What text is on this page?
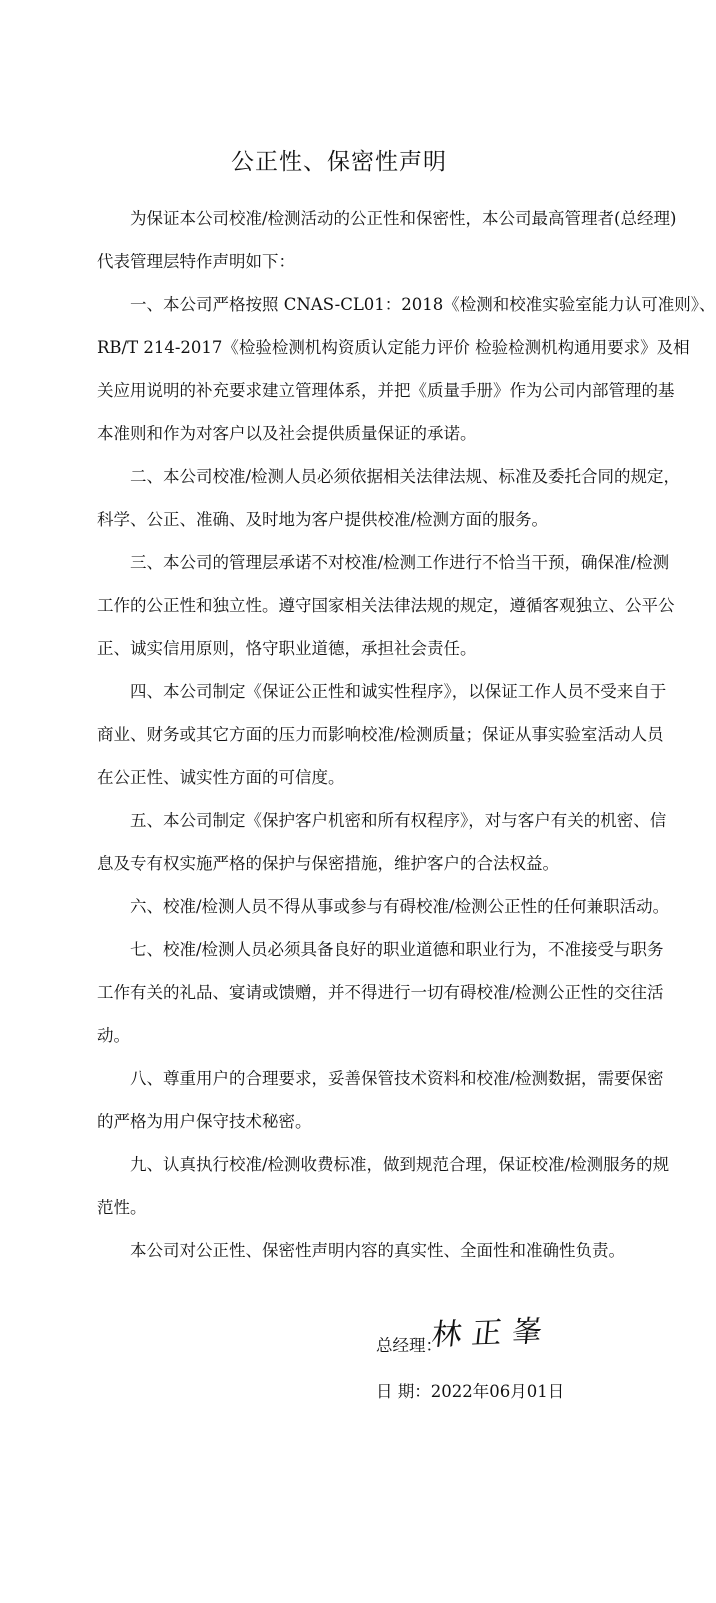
公正性、保密性声明
为保证本公司校准/检测活动的公正性和保密性，本公司最高管理者(总经理)
代表管理层特作声明如下：
一、本公司严格按照 CNAS-CL01：2018《检测和校准实验室能力认可准则》、
RB/T 214-2017《检验检测机构资质认定能力评价 检验检测机构通用要求》及相
关应用说明的补充要求建立管理体系，并把《质量手册》作为公司内部管理的基
本准则和作为对客户以及社会提供质量保证的承诺。
二、本公司校准/检测人员必须依据相关法律法规、标准及委托合同的规定，
科学、公正、准确、及时地为客户提供校准/检测方面的服务。
三、本公司的管理层承诺不对校准/检测工作进行不恰当干预，确保准/检测
工作的公正性和独立性。遵守国家相关法律法规的规定，遵循客观独立、公平公
正、诚实信用原则，恪守职业道德，承担社会责任。
四、本公司制定《保证公正性和诚实性程序》，以保证工作人员不受来自于
商业、财务或其它方面的压力而影响校准/检测质量；保证从事实验室活动人员
在公正性、诚实性方面的可信度。
五、本公司制定《保护客户机密和所有权程序》，对与客户有关的机密、信
息及专有权实施严格的保护与保密措施，维护客户的合法权益。
六、校准/检测人员不得从事或参与有碍校准/检测公正性的任何兼职活动。
七、校准/检测人员必须具备良好的职业道德和职业行为，不准接受与职务
工作有关的礼品、宴请或馈赠，并不得进行一切有碍校准/检测公正性的交往活
动。
八、尊重用户的合理要求，妥善保管技术资料和校准/检测数据，需要保密
的严格为用户保守技术秘密。
九、认真执行校准/检测收费标准，做到规范合理，保证校准/检测服务的规
范性。
本公司对公正性、保密性声明内容的真实性、全面性和准确性负责。
总经理：
林正峯
日 期：2022年06月01日
